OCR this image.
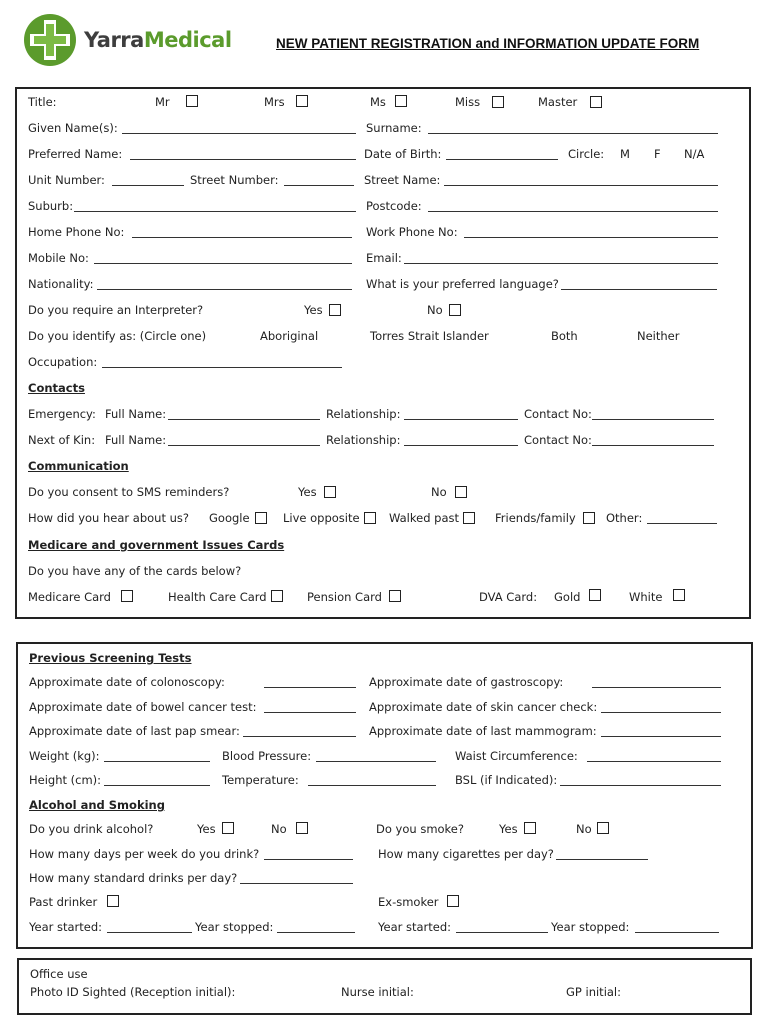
YarraMedical	NEW PATIENT REGISTRATION and INFORMATION UPDATE FORM
Title:	Mr	Mrs	Ms	Miss	Master
Given Name(s):	Surname:
Preferred Name:	Date of Birth:	Circle: M F N/A
Unit Number:	Street Number:	Street Name:
Suburb:	Postcode:
Home Phone No:	Work Phone No:
Mobile No:	Email:
Nationality:	What is your preferred language?
Do you require an Interpreter?	Yes	No
Do you identify as: (Circle one)	Aboriginal	Torres Strait Islander	Both	Neither
Occupation:
Contacts
Emergency: Full Name:	Relationship:	Contact No:
Next of Kin: Full Name:	Relationship:	Contact No:
Communication
Do you consent to SMS reminders?	Yes	No
How did you hear about us? Google	Live opposite	Walked past	Friends/family	Other:
Medicare and government Issues Cards
Do you have any of the cards below?
Medicare Card	Health Care Card	Pension Card	DVA Card: Gold	White
Previous Screening Tests
Approximate date of colonoscopy:	Approximate date of gastroscopy:
Approximate date of bowel cancer test:	Approximate date of skin cancer check:
Approximate date of last pap smear:	Approximate date of last mammogram:
Weight (kg):	Blood Pressure:	Waist Circumference:
Height (cm):	Temperature:	BSL (if Indicated):
Alcohol and Smoking
Do you drink alcohol?	Yes	No	Do you smoke?	Yes	No
How many days per week do you drink?	How many cigarettes per day?
How many standard drinks per day?
Past drinker	Ex-smoker
Year started:	Year stopped:	Year started:	Year stopped:
Office use
Photo ID Sighted (Reception initial):	Nurse initial:	GP initial:
